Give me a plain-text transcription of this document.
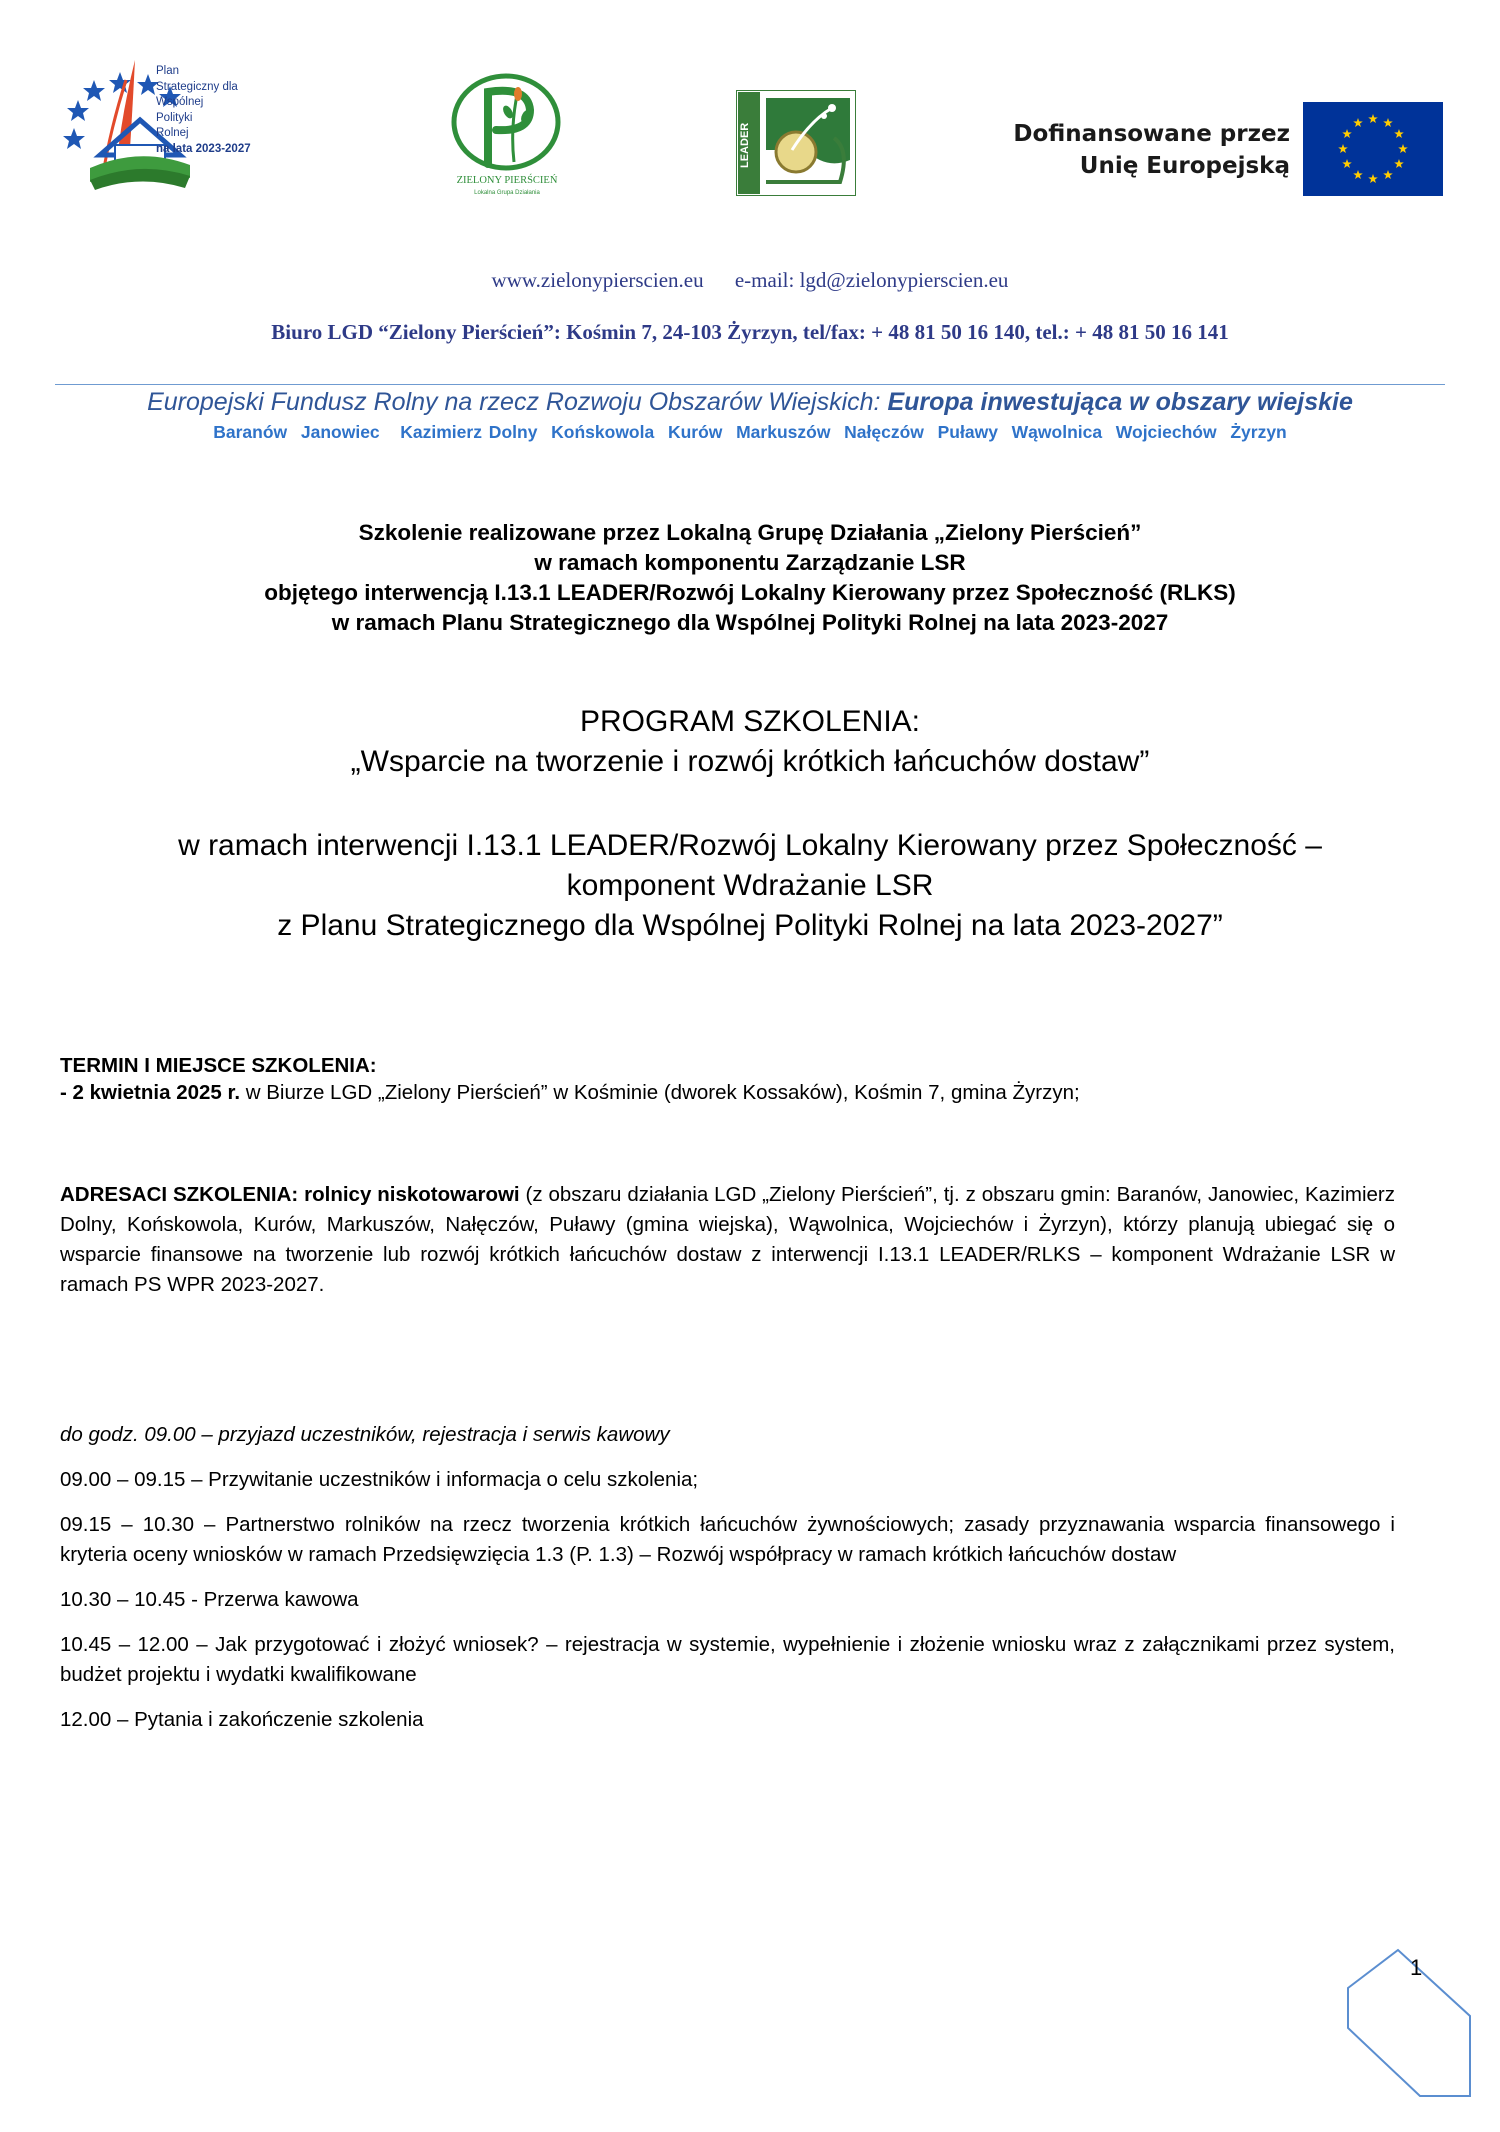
Plan
Strategiczny dla
Wspólnej
Polityki
Rolnej
na lata 2023-2027
ZIELONY PIERŚCIEŃ
Lokalna Grupa Działania
LEADER	Dofinansowane przez
Unię Europejską
www.zielonypierscien.eu e-mail: lgd@zielonypierscien.eu
Biuro LGD “Zielony Pierścień”: Kośmin 7, 24-103 Żyrzyn, tel/fax: + 48 81 50 16 140, tel.: + 48 81 50 16 141
Europejski Fundusz Rolny na rzecz Rozwoju Obszarów Wiejskich: Europa inwestująca w obszary wiejskie
Baranów  Janowiec   Kazimierz Dolny  Końskowola  Kurów  Markuszów  Nałęczów  Puławy  Wąwolnica  Wojciechów  Żyrzyn
Szkolenie realizowane przez Lokalną Grupę Działania „Zielony Pierścień”
w ramach komponentu Zarządzanie LSR
objętego interwencją I.13.1 LEADER/Rozwój Lokalny Kierowany przez Społeczność (RLKS)
w ramach Planu Strategicznego dla Wspólnej Polityki Rolnej na lata 2023-2027
PROGRAM SZKOLENIA:
„Wsparcie na tworzenie i rozwój krótkich łańcuchów dostaw”
w ramach interwencji I.13.1 LEADER/Rozwój Lokalny Kierowany przez Społeczność –
komponent Wdrażanie LSR
z Planu Strategicznego dla Wspólnej Polityki Rolnej na lata 2023-2027”
TERMIN I MIEJSCE SZKOLENIA:
- 2 kwietnia 2025 r. w Biurze LGD „Zielony Pierścień” w Kośminie (dworek Kossaków), Kośmin 7, gmina Żyrzyn;
ADRESACI SZKOLENIA: rolnicy niskotowarowi (z obszaru działania LGD „Zielony Pierścień”, tj. z obszaru gmin: Baranów, Janowiec, Kazimierz Dolny, Końskowola, Kurów, Markuszów, Nałęczów, Puławy (gmina wiejska), Wąwolnica, Wojciechów i Żyrzyn), którzy planują ubiegać się o wsparcie finansowe na tworzenie lub rozwój krótkich łańcuchów dostaw z interwencji I.13.1 LEADER/RLKS – komponent Wdrażanie LSR w ramach PS WPR 2023-2027.
do godz. 09.00 – przyjazd uczestników, rejestracja i serwis kawowy
09.00 – 09.15 – Przywitanie uczestników i informacja o celu szkolenia;
09.15 – 10.30 – Partnerstwo rolników na rzecz tworzenia krótkich łańcuchów żywnościowych; zasady przyznawania wsparcia finansowego i kryteria oceny wniosków w ramach Przedsięwzięcia 1.3 (P. 1.3) – Rozwój współpracy w ramach krótkich łańcuchów dostaw
10.30 – 10.45 - Przerwa kawowa
10.45 – 12.00 – Jak przygotować i złożyć wniosek? – rejestracja w systemie, wypełnienie i złożenie wniosku wraz z załącznikami przez system, budżet projektu i wydatki kwalifikowane
12.00 – Pytania i zakończenie szkolenia
1
